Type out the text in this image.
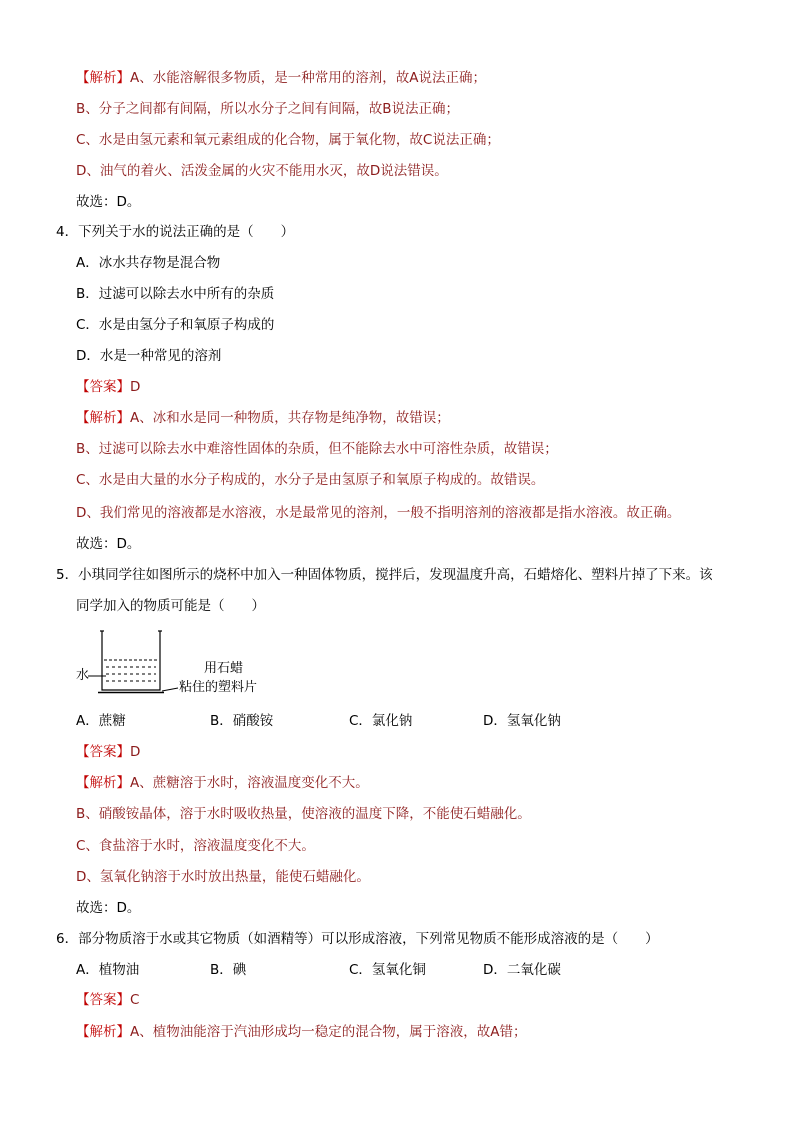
【解析】A、水能溶解很多物质，是一种常用的溶剂，故A说法正确；
B、分子之间都有间隔，所以水分子之间有间隔，故B说法正确；
C、水是由氢元素和氧元素组成的化合物，属于氧化物，故C说法正确；
D、油气的着火、活泼金属的火灾不能用水灭，故D说法错误。
故选：D。
4．下列关于水的说法正确的是（　　）
A．冰水共存物是混合物
B．过滤可以除去水中所有的杂质
C．水是由氢分子和氧原子构成的
D．水是一种常见的溶剂
【答案】D
【解析】A、冰和水是同一种物质，共存物是纯净物，故错误；
B、过滤可以除去水中难溶性固体的杂质，但不能除去水中可溶性杂质，故错误；
C、水是由大量的水分子构成的，水分子是由氢原子和氧原子构成的。故错误。
D、我们常见的溶液都是水溶液，水是最常见的溶剂，一般不指明溶剂的溶液都是指水溶液。故正确。
故选：D。
5．小琪同学往如图所示的烧杯中加入一种固体物质，搅拌后，发现温度升高，石蜡熔化、塑料片掉了下来。该
同学加入的物质可能是（　　）
水	用石蜡
粘住的塑料片
A．蔗糖	B．硝酸铵	C．氯化钠	D．氢氧化钠
【答案】D
【解析】A、蔗糖溶于水时，溶液温度变化不大。
B、硝酸铵晶体，溶于水时吸收热量，使溶液的温度下降，不能使石蜡融化。
C、食盐溶于水时，溶液温度变化不大。
D、氢氧化钠溶于水时放出热量，能使石蜡融化。
故选：D。
6．部分物质溶于水或其它物质（如酒精等）可以形成溶液，下列常见物质不能形成溶液的是（　　）
A．植物油	B．碘	C．氢氧化铜	D．二氧化碳
【答案】C
【解析】A、植物油能溶于汽油形成均一稳定的混合物，属于溶液，故A错；
